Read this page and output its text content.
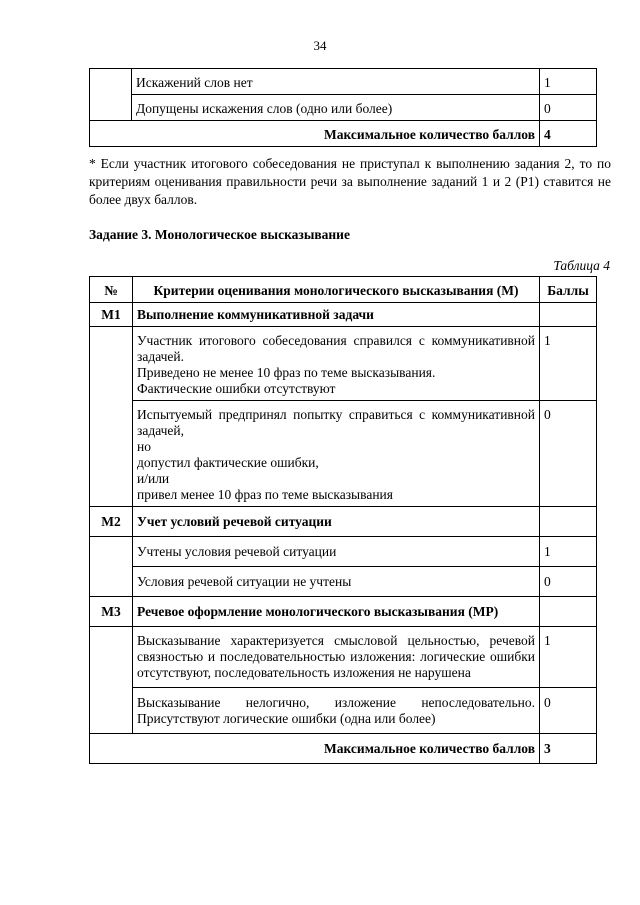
34
	Искажений слов нет	1
	Допущены искажения слов (одно или более)	0
Максимальное количество баллов		4
* Если участник итогового собеседования не приступал к выполнению задания 2, то по критериям оценивания правильности речи за выполнение заданий 1 и 2 (Р1) ставится не более двух баллов.
Задание 3. Монологическое высказывание
Таблица 4
№	Критерии оценивания монологического высказывания (М)	Баллы
М1	Выполнение коммуникативной задачи	

	Участник итогового собеседования справился с коммуникативной задачей.
Приведено не менее 10 фраз по теме высказывания.
Фактические ошибки отсутствуют	1

	Испытуемый предпринял попытку справиться с коммуникативной задачей,
но
допустил фактические ошибки,
и/или
привел менее 10 фраз по теме высказывания	0
М2	Учет условий речевой ситуации	
	Учтены условия речевой ситуации	1
	Условия речевой ситуации не учтены	0
М3	Речевое оформление монологического высказывания (МР)	
	Высказывание характеризуется смысловой цельностью, речевой связностью и последовательностью изложения: логические ошибки отсутствуют, последовательность изложения не нарушена	1
	Высказывание нелогично, изложение непоследовательно. Присутствуют логические ошибки (одна или более)	0
Максимальное количество баллов		3
